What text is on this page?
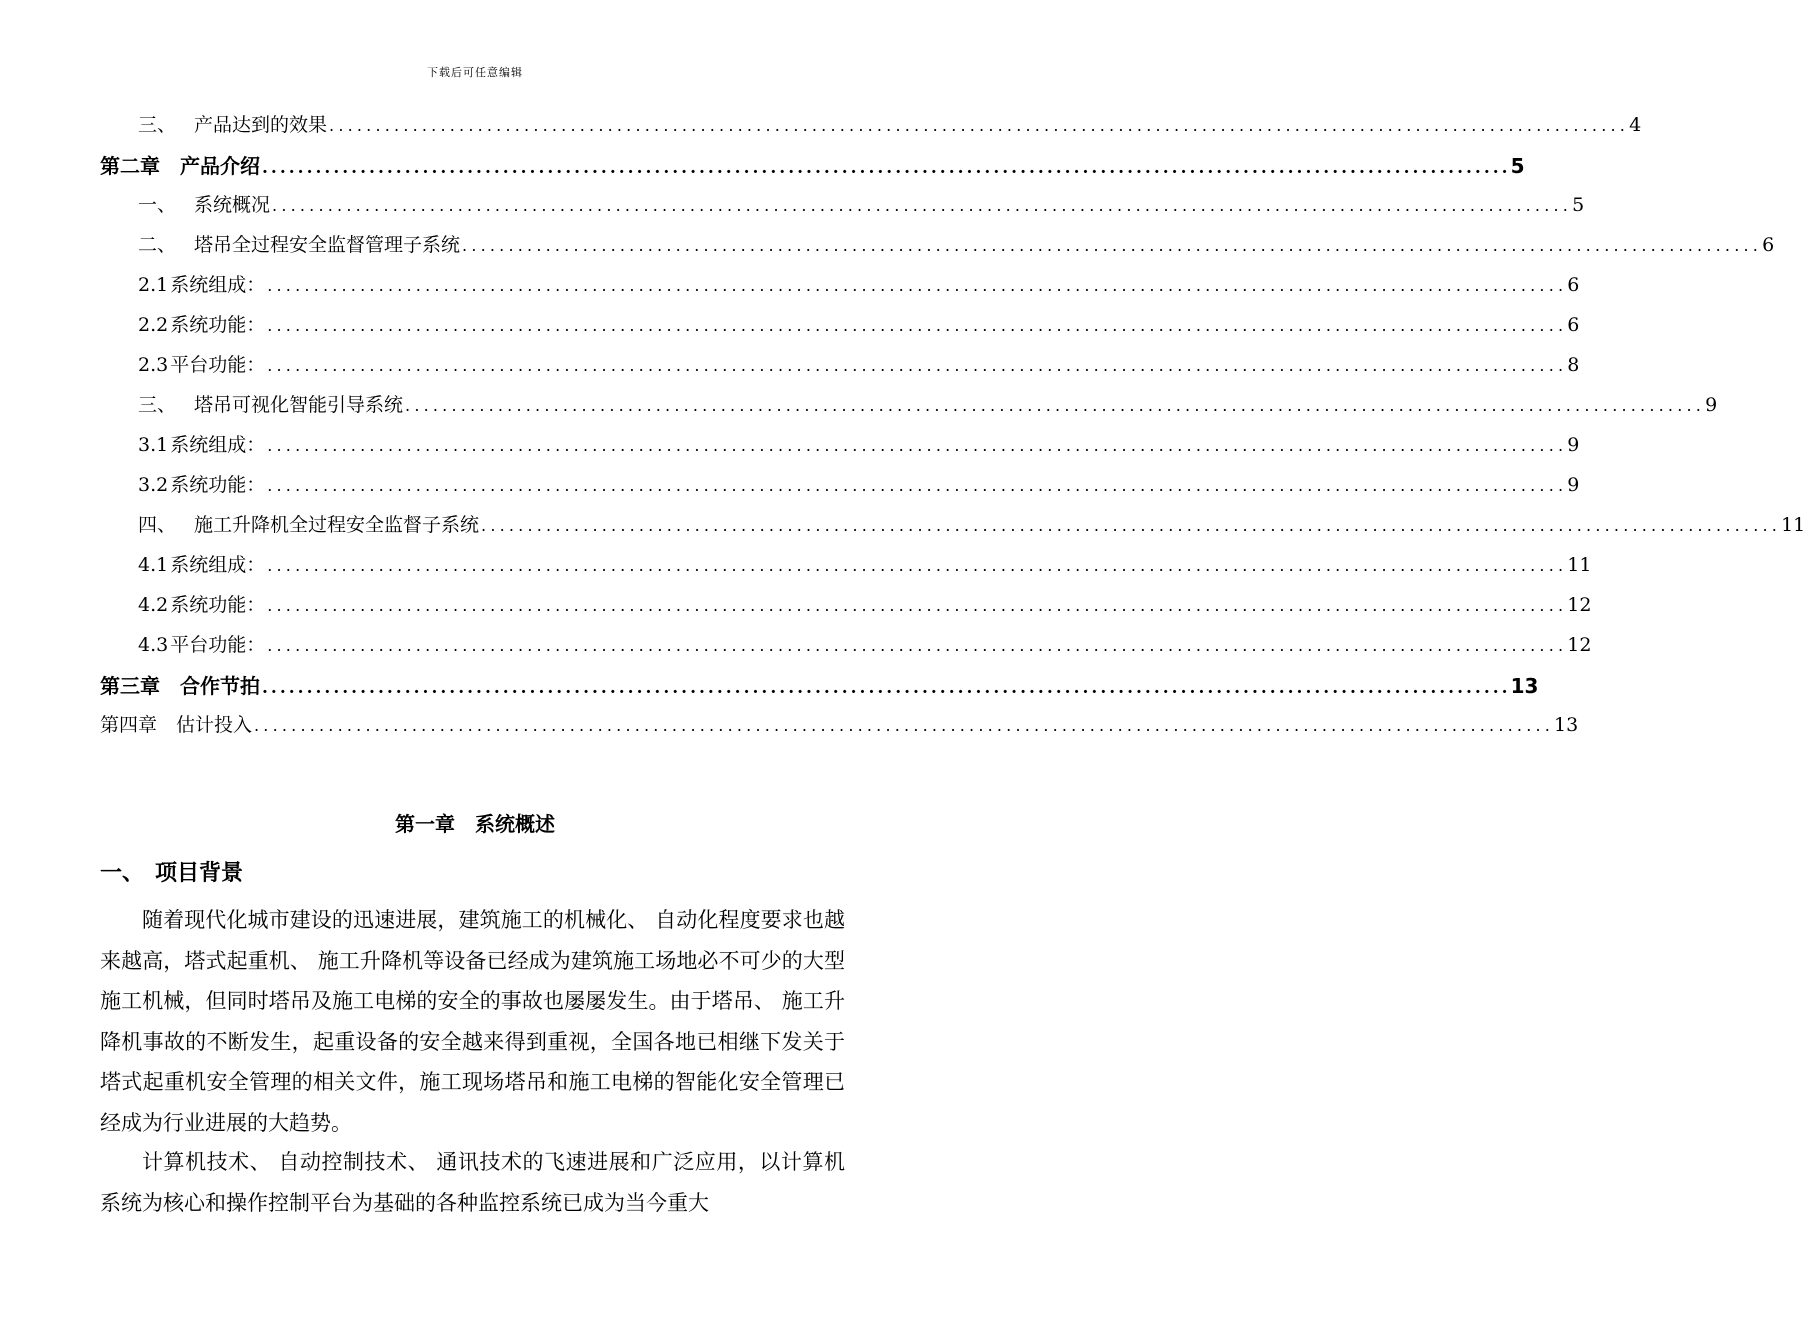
下载后可任意编辑
三、 产品达到的效果 ............................................................................................................................................ 4
第二章　产品介绍 ............................................................................................................................................ 5
一、 系统概况 ............................................................................................................................................ 5
二、 塔吊全过程安全监督管理子系统 ............................................................................................................................................ 6
2.1 系统组成： ............................................................................................................................................ 6
2.2 系统功能： ............................................................................................................................................ 6
2.3 平台功能： ............................................................................................................................................ 8
三、 塔吊可视化智能引导系统 ............................................................................................................................................ 9
3.1 系统组成： ............................................................................................................................................ 9
3.2 系统功能： ............................................................................................................................................ 9
四、 施工升降机全过程安全监督子系统 ............................................................................................................................................ 11
4.1 系统组成： ............................................................................................................................................ 11
4.2 系统功能： ............................................................................................................................................ 12
4.3 平台功能： ............................................................................................................................................ 12
第三章　合作节拍 ............................................................................................................................................ 13
第四章　估计投入 ............................................................................................................................................ 13
第一章　系统概述
一、　项目背景

随着现代化城市建设的迅速进展，建筑施工的机械化、 自动化程度要求也越来越高，塔式起重机、 施工升降机等设备已经成为建筑施工场地必不可少的大型施工机械，但同时塔吊及施工电梯的安全的事故也屡屡发生。由于塔吊、 施工升降机事故的不断发生，起重设备的安全越来得到重视，全国各地已相继下发关于塔式起重机安全管理的相关文件，施工现场塔吊和施工电梯的智能化安全管理已经成为行业进展的大趋势。

计算机技术、 自动控制技术、 通讯技术的飞速进展和广泛应用，以计算机系统为核心和操作控制平台为基础的各种监控系统已成为当今重大
